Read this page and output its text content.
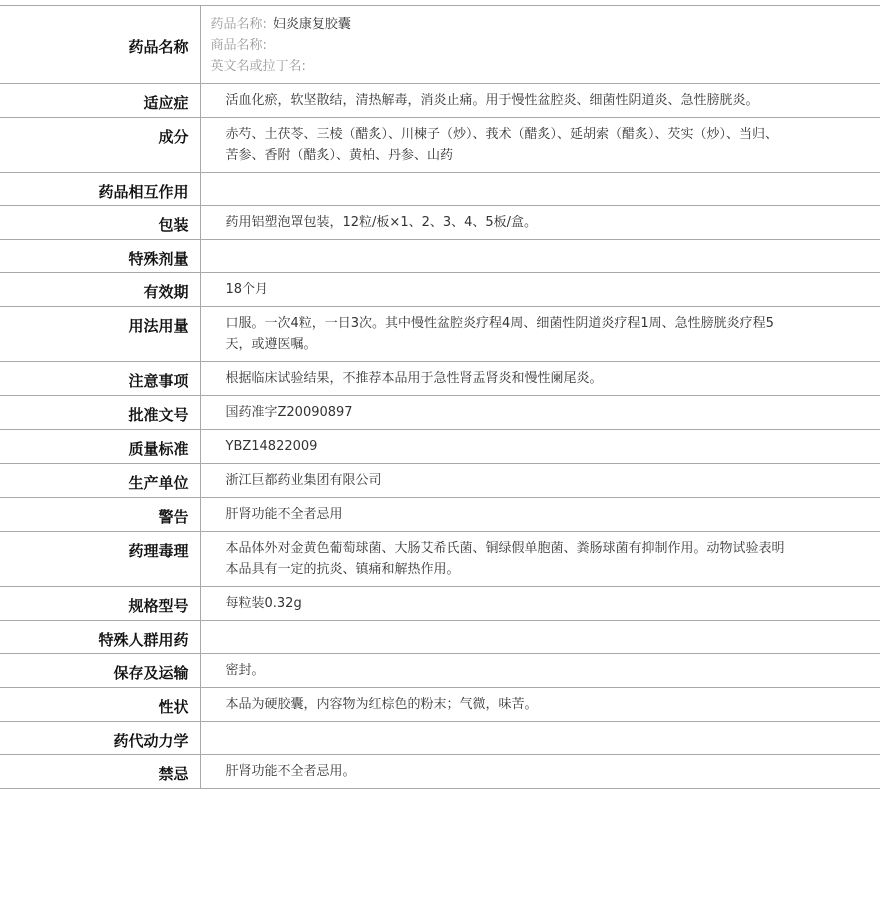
药品名称	药品名称: 妇炎康复胶囊
商品名称:
英文名或拉丁名:

适应症	活血化瘀，软坚散结，清热解毒，消炎止痛。用于慢性盆腔炎、细菌性阴道炎、急性膀胱炎。
成分	赤芍、土茯苓、三棱（醋炙）、川楝子（炒）、莪术（醋炙）、延胡索（醋炙）、芡实（炒）、当归、苦参、香附（醋炙）、黄柏、丹参、山药
药品相互作用	
包装	药用铝塑泡罩包装，12粒/板×1、2、3、4、5板/盒。
特殊剂量	
有效期	18个月
用法用量	口服。一次4粒，一日3次。其中慢性盆腔炎疗程4周、细菌性阴道炎疗程1周、急性膀胱炎疗程5天，或遵医嘱。
注意事项	根据临床试验结果，不推荐本品用于急性肾盂肾炎和慢性阑尾炎。
批准文号	国药准字Z20090897
质量标准	YBZ14822009
生产单位	浙江巨都药业集团有限公司
警告	肝肾功能不全者忌用
药理毒理	本品体外对金黄色葡萄球菌、大肠艾希氏菌、铜绿假单胞菌、粪肠球菌有抑制作用。动物试验表明本品具有一定的抗炎、镇痛和解热作用。
规格型号	每粒装0.32g
特殊人群用药	
保存及运输	密封。
性状	本品为硬胶囊，内容物为红棕色的粉末；气微，味苦。
药代动力学	
禁忌	肝肾功能不全者忌用。
